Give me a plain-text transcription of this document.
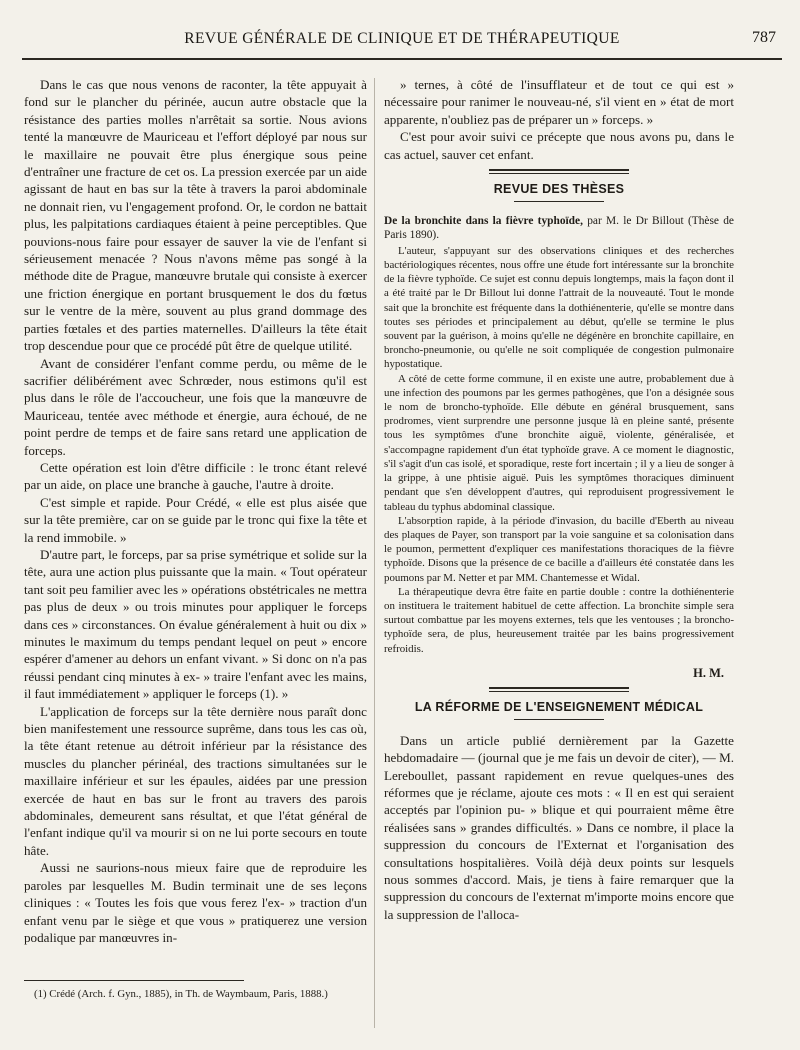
REVUE GÉNÉRALE DE CLINIQUE ET DE THÉRAPEUTIQUE	787

Dans le cas que nous venons de raconter, la tête appuyait à fond sur le plancher du périnée, aucun autre obstacle que la résistance des parties molles n'arrêtait sa sortie. Nous avions tenté la manœuvre de Mauriceau et l'effort déployé par nous sur le maxillaire ne pouvait être plus énergique sous peine d'entraîner une fracture de cet os. La pression exercée par un aide agissant de haut en bas sur la tête à travers la paroi abdominale ne donnait rien, vu l'engagement profond. Or, le cordon ne battait plus, les palpitations cardiaques étaient à peine perceptibles. Que pouvions-nous faire pour essayer de sauver la vie de l'enfant si sérieusement menacée ? Nous n'avons même pas songé à la méthode dite de Prague, manœuvre brutale qui consiste à exercer une friction énergique en portant brusquement le dos du fœtus sur le ventre de la mère, souvent au plus grand dommage des parties fœtales et des parties maternelles. D'ailleurs la tête était trop descendue pour que ce procédé pût être de quelque utilité.

Avant de considérer l'enfant comme perdu, ou même de le sacrifier délibérément avec Schrœder, nous estimons qu'il est plus dans le rôle de l'accoucheur, une fois que la manœuvre de Mauriceau, tentée avec méthode et énergie, aura échoué, de ne point perdre de temps et de faire sans retard une application de forceps.

Cette opération est loin d'être difficile : le tronc étant relevé par un aide, on place une branche à gauche, l'autre à droite.

C'est simple et rapide. Pour Crédé, « elle est plus aisée que sur la tête première, car on se guide par le tronc qui fixe la tête et la rend immobile. »

D'autre part, le forceps, par sa prise symétrique et solide sur la tête, aura une action plus puissante que la main. « Tout opérateur tant soit peu familier avec les » opérations obstétricales ne mettra pas plus de deux » ou trois minutes pour appliquer le forceps dans ces » circonstances. On évalue généralement à huit ou dix » minutes le maximum du temps pendant lequel on peut » encore espérer d'amener au dehors un enfant vivant. » Si donc on n'a pas réussi pendant cinq minutes à ex- » traire l'enfant avec les mains, il faut immédiatement » appliquer le forceps (1). »

L'application de forceps sur la tête dernière nous paraît donc bien manifestement une ressource suprême, dans tous les cas où, la tête étant retenue au détroit inférieur par la résistance des muscles du plancher périnéal, des tractions simultanées sur le maxillaire inférieur et sur les épaules, aidées par une pression exercée de haut en bas sur le front au travers des parois abdominales, demeurent sans résultat, et que l'état général de l'enfant indique qu'il va mourir si on ne lui porte secours en toute hâte.

Aussi ne saurions-nous mieux faire que de reproduire les paroles par lesquelles M. Budin terminait une de ses leçons cliniques : « Toutes les fois que vous ferez l'ex- » traction d'un enfant venu par le siège et que vous » pratiquerez une version podalique par manœuvres in-

(1) Crédé (Arch. f. Gyn., 1885), in Th. de Waymbaum, Paris, 1888.)

» ternes, à côté de l'insufflateur et de tout ce qui est » nécessaire pour ranimer le nouveau-né, s'il vient en » état de mort apparente, n'oubliez pas de préparer un » forceps. »

C'est pour avoir suivi ce précepte que nous avons pu, dans le cas actuel, sauver cet enfant.

REVUE DES THÈSES
De la bronchite dans la fièvre typhoïde, par M. le Dr Billout (Thèse de Paris 1890).

L'auteur, s'appuyant sur des observations cliniques et des recherches bactériologiques récentes, nous offre une étude fort intéressante sur la bronchite de la fièvre typhoïde. Ce sujet est connu depuis longtemps, mais la façon dont il a été traité par le Dr Billout lui donne l'attrait de la nouveauté. Tout le monde sait que la bronchite est fréquente dans la dothiénenterie, qu'elle se montre dans toutes ses périodes et principalement au début, qu'elle se termine le plus souvent par la guérison, à moins qu'elle ne dégénère en bronchite capillaire, en broncho-pneumonie, ou qu'elle ne soit compliquée de congestion pulmonaire hypostatique.

A côté de cette forme commune, il en existe une autre, probablement due à une infection des poumons par les germes pathogènes, que l'on a désignée sous le nom de broncho-typhoïde. Elle débute en général brusquement, sans prodromes, vient surprendre une personne jusque là en pleine santé, présente tous les symptômes d'une bronchite aiguë, violente, généralisée, et s'accompagne rapidement d'un état typhoïde grave. A ce moment le diagnostic, s'il s'agit d'un cas isolé, et sporadique, reste fort incertain ; il y a lieu de songer à la grippe, à une phtisie aiguë. Puis les symptômes thoraciques diminuent pendant que s'en développent d'autres, qui reproduisent progressivement le tableau du typhus abdominal classique.

L'absorption rapide, à la période d'invasion, du bacille d'Eberth au niveau des plaques de Payer, son transport par la voie sanguine et sa colonisation dans le poumon, permettent d'expliquer ces manifestations thoraciques de la fièvre typhoïde. Disons que la présence de ce bacille a d'ailleurs été constatée dans les poumons par M. Netter et par MM. Chantemesse et Widal.

La thérapeutique devra être faite en partie double : contre la dothiénenterie on instituera le traitement habituel de cette affection. La bronchite simple sera surtout combattue par les moyens externes, tels que les ventouses ; la broncho-typhoïde sera, de plus, heureusement traitée par les bains progressivement refroidis.

H. M.
LA RÉFORME DE L'ENSEIGNEMENT MÉDICAL

Dans un article publié dernièrement par la Gazette hebdomadaire — (journal que je me fais un devoir de citer), — M. Lereboullet, passant rapidement en revue quelques-unes des réformes que je réclame, ajoute ces mots : « Il en est qui seraient acceptés par l'opinion pu- » blique et qui pourraient même être réalisées sans » grandes difficultés. » Dans ce nombre, il place la suppression du concours de l'Externat et l'organisation des consultations hospitalières. Voilà déjà deux points sur lesquels nous sommes d'accord. Mais, je tiens à faire remarquer que la suppression du concours de l'externat m'importe moins encore que la suppression de l'alloca-
